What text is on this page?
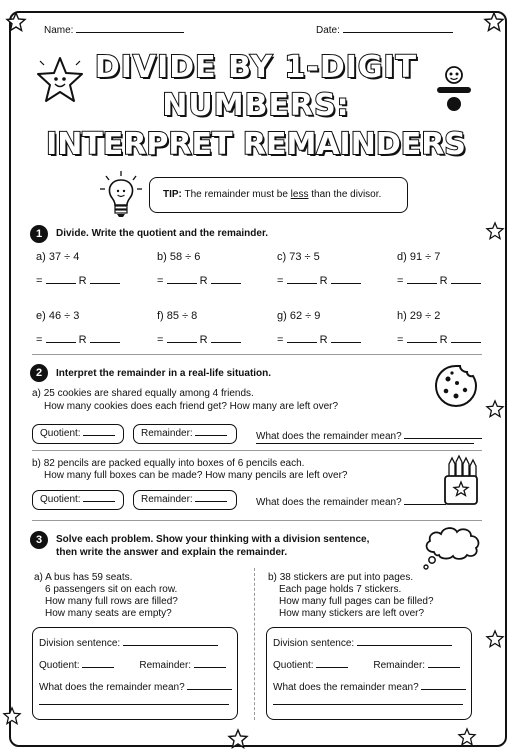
Name:	Date:
DIVIDE BY 1-DIGIT
NUMBERS:
INTERPRET REMAINDERS
TIP: The remainder must be less than the divisor.
1	Divide. Write the quotient and the remainder.
a) 37 ÷ 4
=	R
b) 58 ÷ 6
=	R
c) 73 ÷ 5
=	R
d) 91 ÷ 7
=	R
e) 46 ÷ 3
=	R
f) 85 ÷ 8
=	R
g) 62 ÷ 9
=	R
h) 29 ÷ 2
=	R
2	Interpret the remainder in a real-life situation.
a) 25 cookies are shared equally among 4 friends.
How many cookies does each friend get? How many are left over?
Quotient:	Remainder:	What does the remainder mean?
b) 82 pencils are packed equally into boxes of 6 pencils each.
How many full boxes can be made? How many pencils are left over?
Quotient:	Remainder:	What does the remainder mean?
3	Solve each problem. Show your thinking with a division sentence,
then write the answer and explain the remainder.
a) A bus has 59 seats.
6 passengers sit on each row.
How many full rows are filled?
How many seats are empty?
Division sentence:
Quotient:	Remainder:
What does the remainder mean?
b) 38 stickers are put into pages.
Each page holds 7 stickers.
How many full pages can be filled?
How many stickers are left over?
Division sentence:
Quotient:	Remainder:
What does the remainder mean?
